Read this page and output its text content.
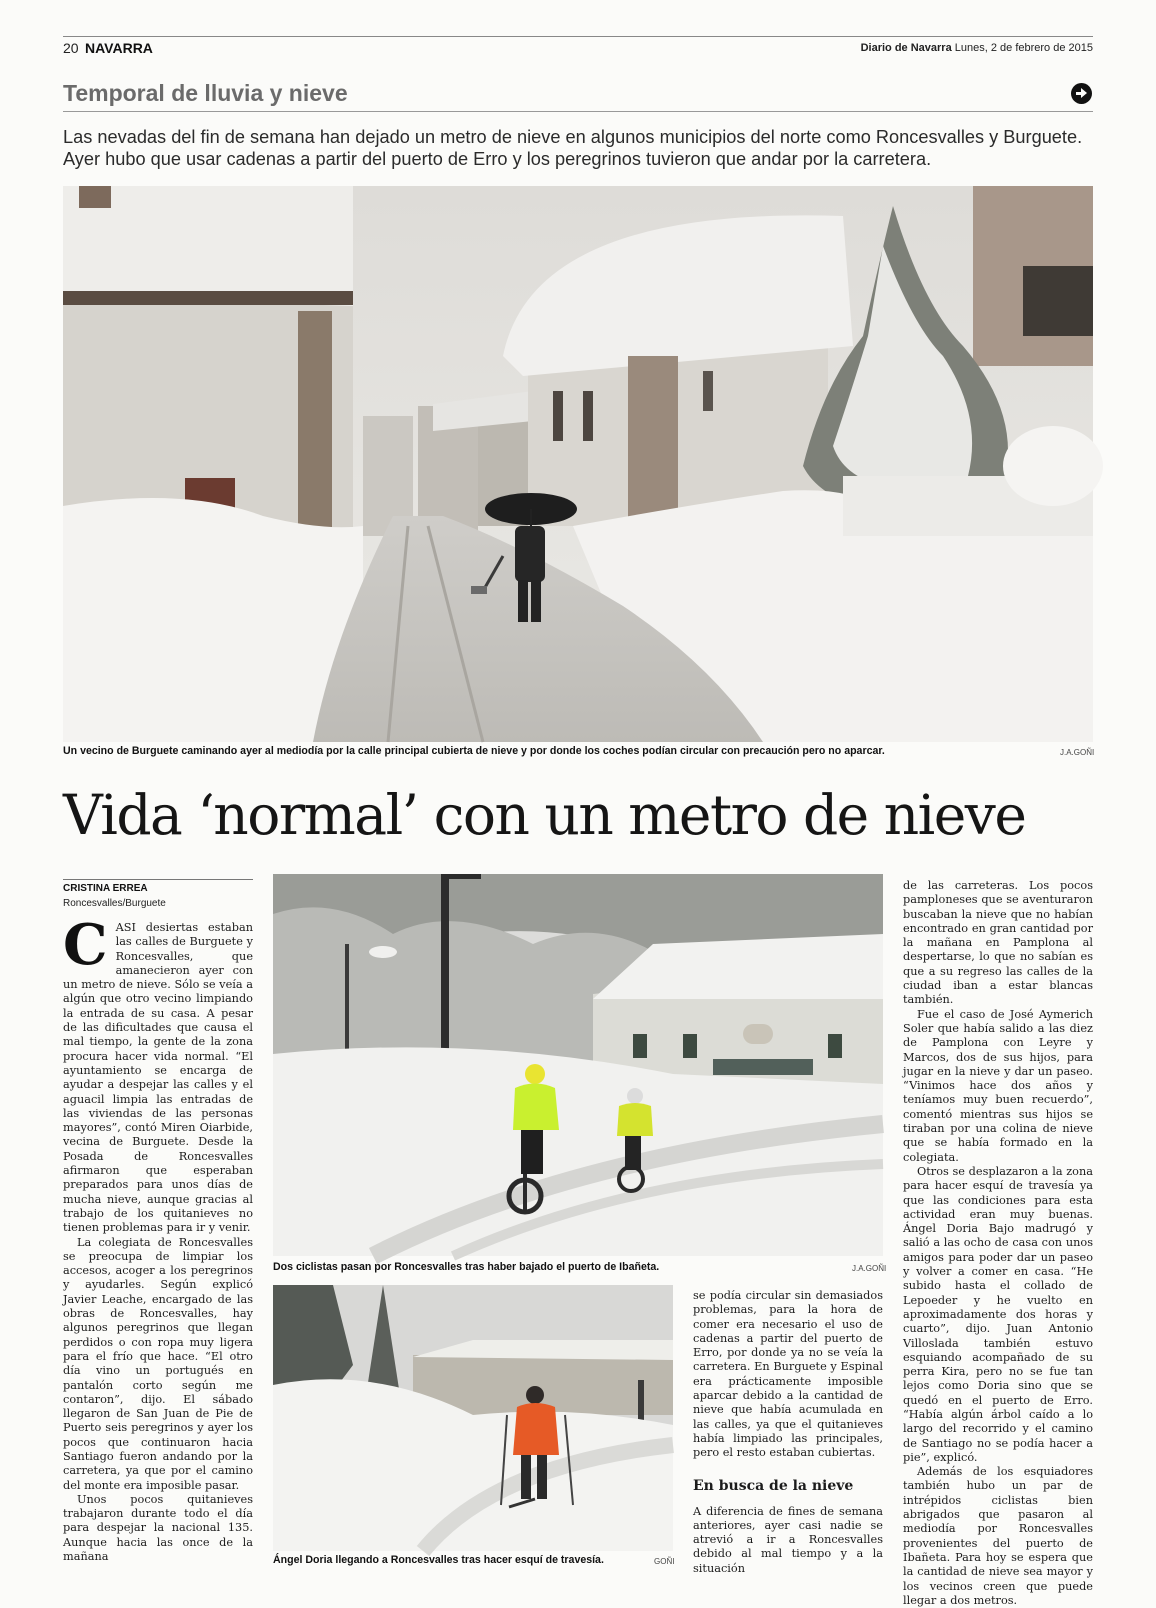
20 NAVARRA	Diario de Navarra Lunes, 2 de febrero de 2015
Temporal de lluvia y nieve
Las nevadas del fin de semana han dejado un metro de nieve en algunos municipios del norte como Roncesvalles y Burguete. Ayer hubo que usar cadenas a partir del puerto de Erro y los peregrinos tuvieron que andar por la carretera.
Un vecino de Burguete caminando ayer al mediodía por la calle principal cubierta de nieve y por donde los coches podían circular con precaución pero no aparcar.	J.A.GOÑI
Vida ‘normal’ con un metro de nieve
CRISTINA ERREA
Roncesvalles/Burguete

CASI desiertas estaban las calles de Burguete y Roncesvalles, que amanecieron ayer con un metro de nieve. Sólo se veía a algún que otro vecino limpiando la entrada de su casa. A pesar de las dificultades que causa el mal tiempo, la gente de la zona procura hacer vida normal. “El ayuntamiento se encarga de ayudar a despejar las calles y el aguacil limpia las entradas de las viviendas de las personas mayores”, contó Miren Oiarbide, vecina de Burguete. Desde la Posada de Roncesvalles afirmaron que esperaban preparados para unos días de mucha nieve, aunque gracias al trabajo de los quitanieves no tienen problemas para ir y venir.

La colegiata de Roncesvalles se preocupa de limpiar los accesos, acoger a los peregrinos y ayudarles. Según explicó Javier Leache, encargado de las obras de Roncesvalles, hay algunos peregrinos que llegan perdidos o con ropa muy ligera para el frío que hace. “El otro día vino un portugués en pantalón corto según me contaron”, dijo. El sábado llegaron de San Juan de Pie de Puerto seis peregrinos y ayer los pocos que continuaron hacia Santiago fueron andando por la carretera, ya que por el camino del monte era imposible pasar.

Unos pocos quitanieves trabajaron durante todo el día para despejar la nacional 135. Aunque hacia las once de la mañana

Dos ciclistas pasan por Roncesvalles tras haber bajado el puerto de Ibañeta.	J.A.GOÑI
Ángel Doria llegando a Roncesvalles tras hacer esquí de travesía.	GOÑI

se podía circular sin demasiados problemas, para la hora de comer era necesario el uso de cadenas a partir del puerto de Erro, por donde ya no se veía la carretera. En Burguete y Espinal era prácticamente imposible aparcar debido a la cantidad de nieve que había acumulada en las calles, ya que el quitanieves había limpiado las principales, pero el resto estaban cubiertas.

En busca de la nieve

A diferencia de fines de semana anteriores, ayer casi nadie se atrevió a ir a Roncesvalles debido al mal tiempo y a la situación

de las carreteras. Los pocos pamploneses que se aventuraron buscaban la nieve que no habían encontrado en gran cantidad por la mañana en Pamplona al despertarse, lo que no sabían es que a su regreso las calles de la ciudad iban a estar blancas también.

Fue el caso de José Aymerich Soler que había salido a las diez de Pamplona con Leyre y Marcos, dos de sus hijos, para jugar en la nieve y dar un paseo. “Vinimos hace dos años y teníamos muy buen recuerdo”, comentó mientras sus hijos se tiraban por una colina de nieve que se había formado en la colegiata.

Otros se desplazaron a la zona para hacer esquí de travesía ya que las condiciones para esta actividad eran muy buenas. Ángel Doria Bajo madrugó y salió a las ocho de casa con unos amigos para poder dar un paseo y volver a comer en casa. “He subido hasta el collado de Lepoeder y he vuelto en aproximadamente dos horas y cuarto”, dijo. Juan Antonio Villoslada también estuvo esquiando acompañado de su perra Kira, pero no se fue tan lejos como Doria sino que se quedó en el puerto de Erro. “Había algún árbol caído a lo largo del recorrido y el camino de Santiago no se podía hacer a pie”, explicó.

Además de los esquiadores también hubo un par de intrépidos ciclistas bien abrigados que pasaron al mediodía por Roncesvalles provenientes del puerto de Ibañeta. Para hoy se espera que la cantidad de nieve sea mayor y los vecinos creen que puede llegar a dos metros.
